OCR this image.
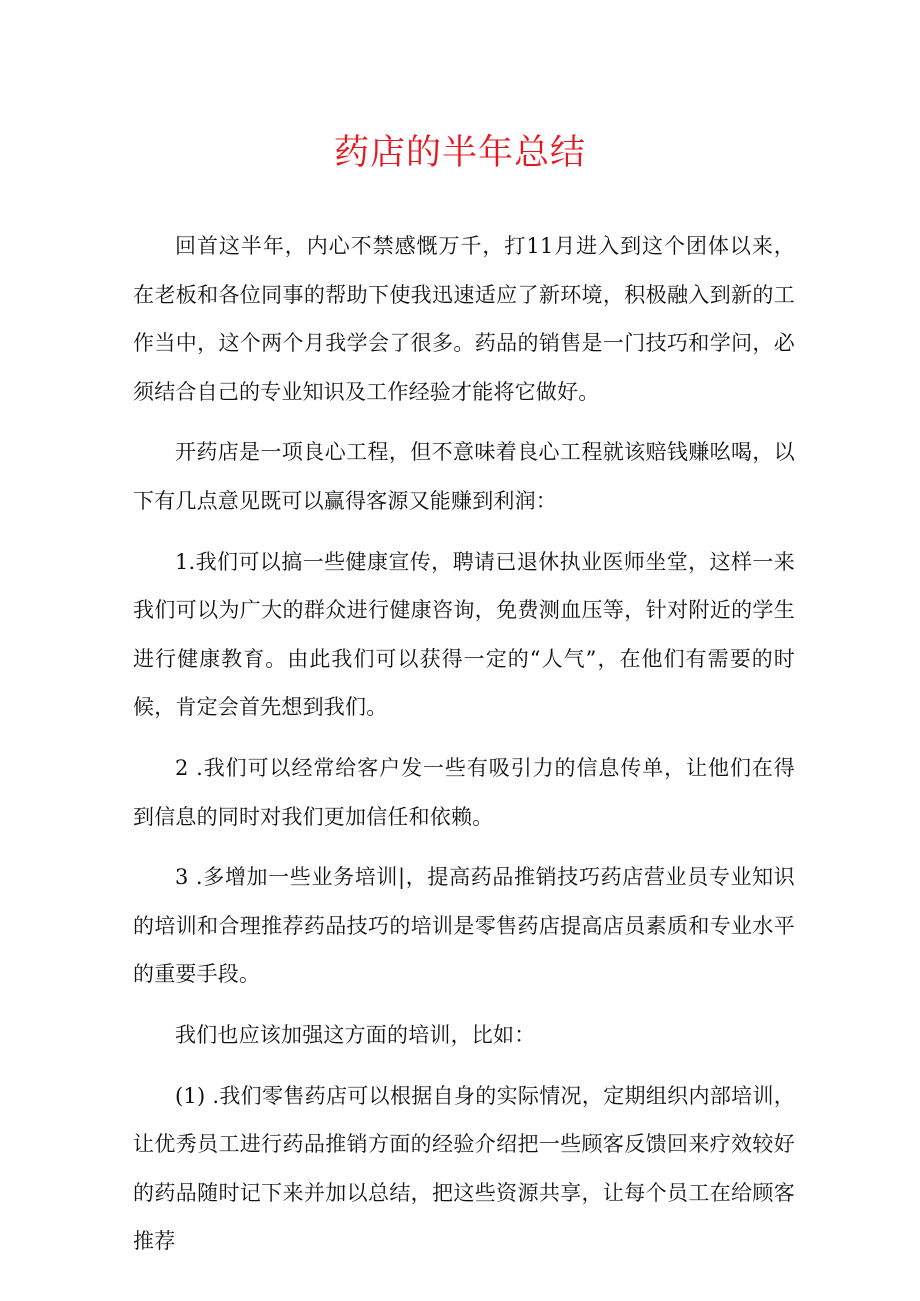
药店的半年总结

回首这半年，内心不禁感慨万千，打11月进入到这个团体以来，在老板和各位同事的帮助下使我迅速适应了新环境，积极融入到新的工作当中，这个两个月我学会了很多。药品的销售是一门技巧和学问，必须结合自己的专业知识及工作经验才能将它做好。

开药店是一项良心工程，但不意味着良心工程就该赔钱赚吆喝，以下有几点意见既可以赢得客源又能赚到利润：

1.我们可以搞一些健康宣传，聘请已退休执业医师坐堂，这样一来我们可以为广大的群众进行健康咨询，免费测血压等，针对附近的学生进行健康教育。由此我们可以获得一定的“人气”，在他们有需要的时候，肯定会首先想到我们。

2 .我们可以经常给客户发一些有吸引力的信息传单，让他们在得到信息的同时对我们更加信任和依赖。

3 .多增加一些业务培训|，提高药品推销技巧药店营业员专业知识的培训和合理推荐药品技巧的培训是零售药店提高店员素质和专业水平的重要手段。

我们也应该加强这方面的培训，比如：

(1) .我们零售药店可以根据自身的实际情况，定期组织内部培训，让优秀员工进行药品推销方面的经验介绍把一些顾客反馈回来疗效较好的药品随时记下来并加以总结，把这些资源共享，让每个员工在给顾客推荐
